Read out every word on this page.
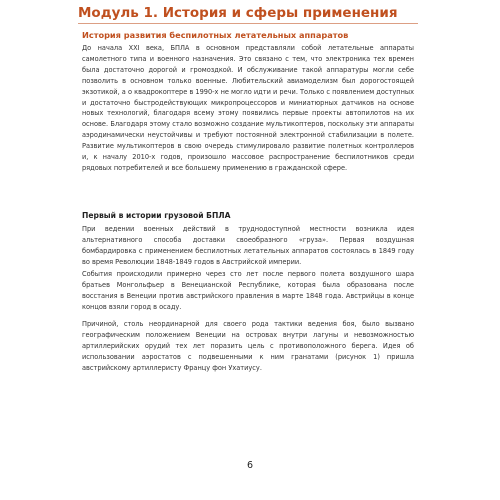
Модуль 1. История и сферы применения
История развития беспилотных летательных аппаратов

До начала XXI века, БПЛА в основном представляли собой летательные аппараты самолетного типа и военного назначения. Это связано с тем, что электроника тех времен была достаточно дорогой и громоздкой. И обслуживание такой аппаратуры могли себе позволить в основном только военные. Любительский авиамоделизм был дорогостоящей экзотикой, а о квадрокоптере в 1990-х не могло идти и речи. Только с появлением доступных и достаточно быстродействующих микропроцессоров и миниатюрных датчиков на основе новых технологий, благодаря всему этому появились первые проекты автопилотов на их основе. Благодаря этому стало возможно создание мультикоптеров, поскольку эти аппараты аэродинамически неустойчивы и требуют постоянной электронной стабилизации в полете. Развитие мультикоптеров в свою очередь стимулировало развитие полетных контроллеров и, к началу 2010-х годов, произошло массовое распространение беспилотников среди рядовых потребителей и все большему применению в гражданской сфере.

Первый в истории грузовой БПЛА

При ведении военных действий в труднодоступной местности возникла идея альтернативного способа доставки своеобразного «груза». Первая воздушная бомбардировка с применением беспилотных летательных аппаратов состоялась в 1849 году во время Революции 1848-1849 годов в Австрийской империи.

События происходили примерно через сто лет после первого полета воздушного шара братьев Монгольфьер в Венецианской Республике, которая была образована после восстания в Венеции против австрийского правления в марте 1848 года. Австрийцы в конце концов взяли город в осаду.

Причиной, столь неординарной для своего рода тактики ведения боя, было вызвано географическим положением Венеции на островах внутри лагуны и невозможностью артиллерийских орудий тех лет поразить цель с противоположного берега. Идея об использовании аэростатов с подвешенными к ним гранатами (рисунок 1) пришла австрийскому артиллеристу Францу фон Ухатиусу.

6
